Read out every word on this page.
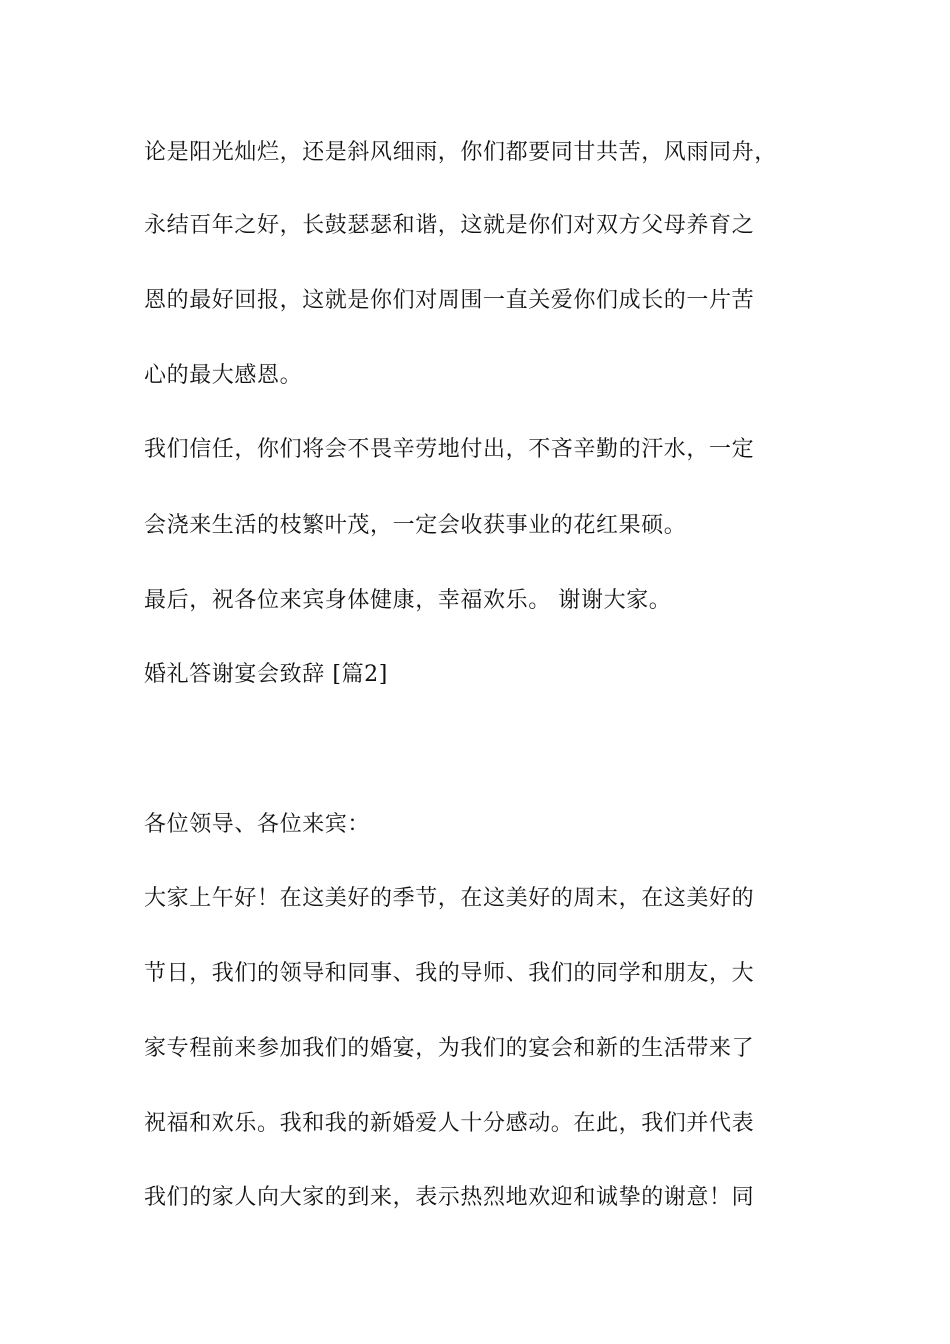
论是阳光灿烂，还是斜风细雨，你们都要同甘共苦，风雨同舟，
永结百年之好，长鼓瑟瑟和谐，这就是你们对双方父母养育之
恩的最好回报，这就是你们对周围一直关爱你们成长的一片苦
心的最大感恩。
我们信任，你们将会不畏辛劳地付出，不吝辛勤的汗水，一定
会浇来生活的枝繁叶茂，一定会收获事业的花红果硕。
最后，祝各位来宾身体健康，幸福欢乐。 谢谢大家。
婚礼答谢宴会致辞 [篇2]
各位领导、各位来宾：
大家上午好！在这美好的季节，在这美好的周末，在这美好的
节日，我们的领导和同事、我的导师、我们的同学和朋友，大
家专程前来参加我们的婚宴，为我们的宴会和新的生活带来了
祝福和欢乐。我和我的新婚爱人十分感动。在此，我们并代表
我们的家人向大家的到来，表示热烈地欢迎和诚挚的谢意！同
